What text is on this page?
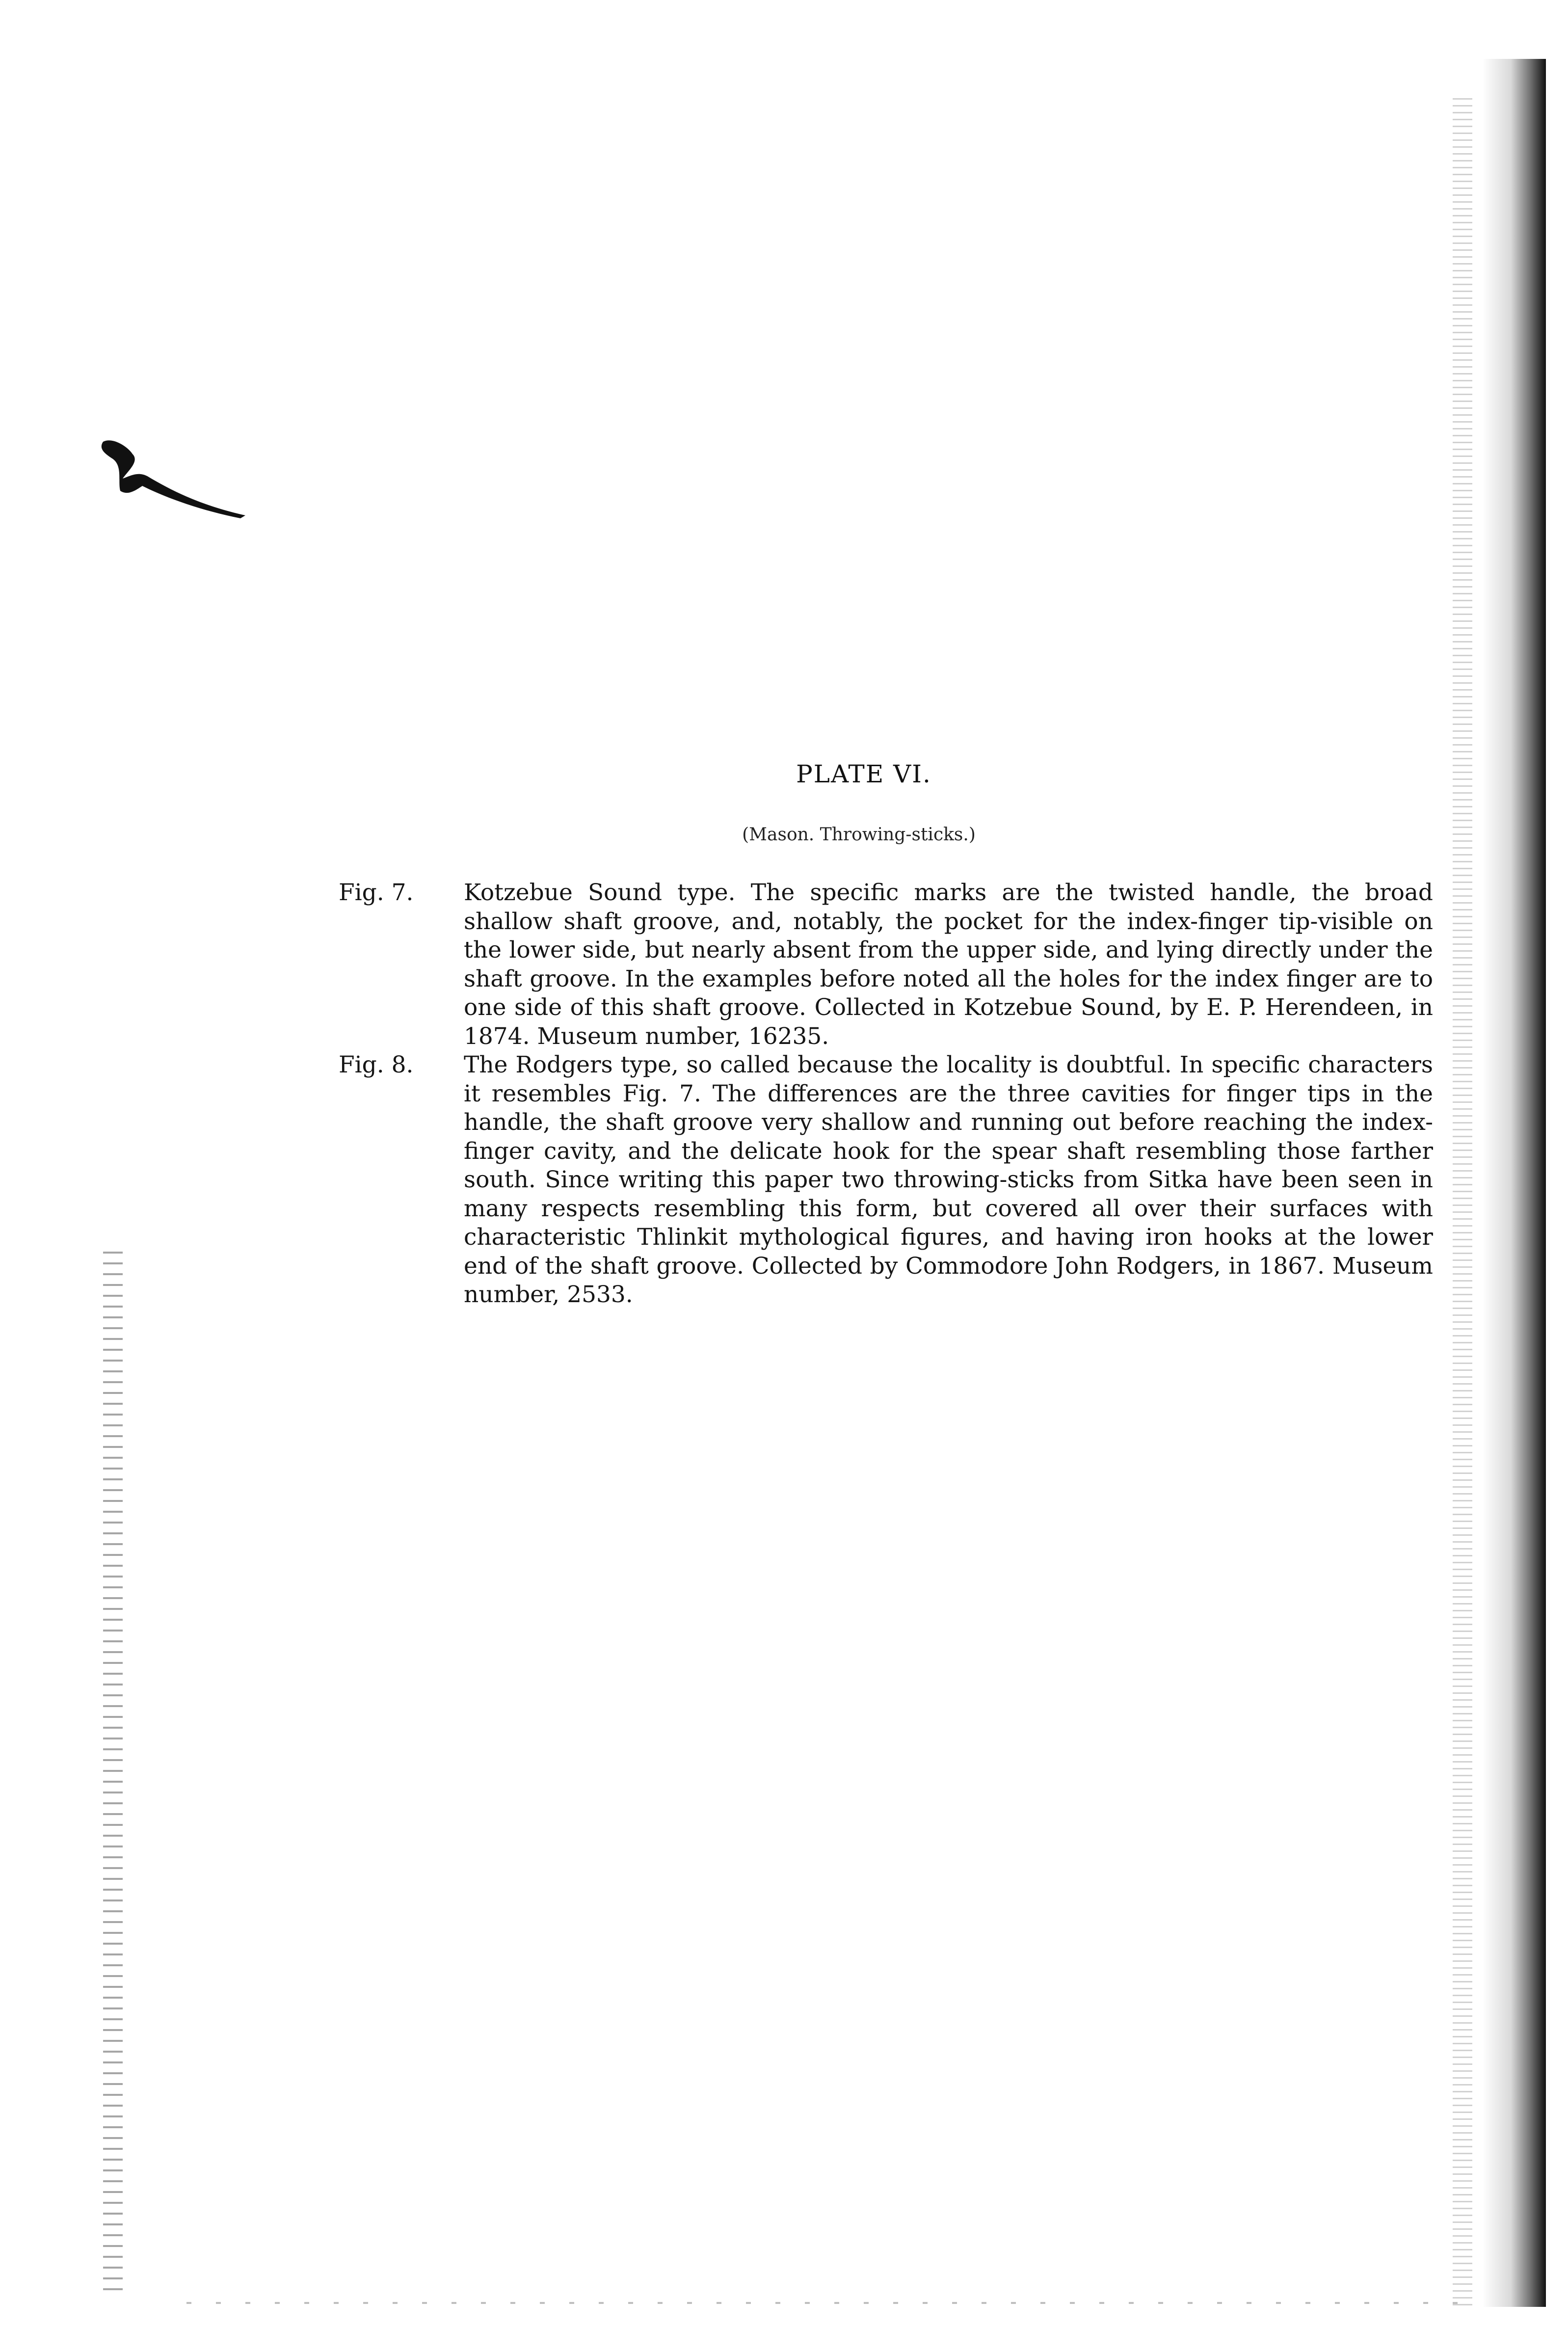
PLATE VI.
(Mason. Throwing-sticks.)
Fig. 7.	Kotzebue Sound type. The specific marks are the twisted handle, the broad shallow shaft groove, and, notably, the pocket for the index-finger tip-visible on the lower side, but nearly absent from the upper side, and lying directly under the shaft groove. In the examples before noted all the holes for the index finger are to one side of this shaft groove. Collected in Kotzebue Sound, by E. P. Herendeen, in 1874. Museum number, 16235.
Fig. 8.	The Rodgers type, so called because the locality is doubtful. In specific characters it resembles Fig. 7. The differences are the three cavities for finger tips in the handle, the shaft groove very shallow and running out before reaching the index-finger cavity, and the delicate hook for the spear shaft resembling those farther south. Since writing this paper two throwing-sticks from Sitka have been seen in many respects resembling this form, but covered all over their surfaces with characteristic Thlinkit mythological figures, and having iron hooks at the lower end of the shaft groove. Collected by Commodore John Rodgers, in 1867. Museum number, 2533.
